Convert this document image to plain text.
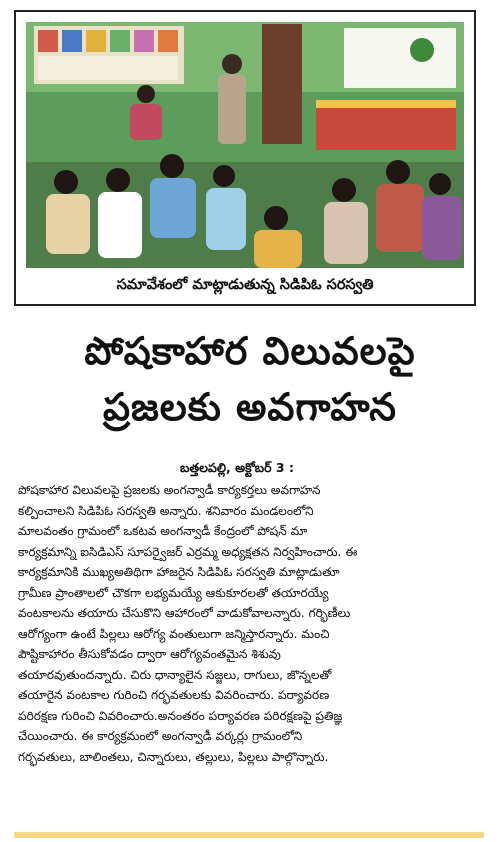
సమావేశంలో మాట్లాడుతున్న సిడిపిఓ సరస్వతి
పోషకాహార విలువలపై
ప్రజలకు అవగాహన
బత్తలపల్లి, అక్టోబర్ 3 :
పోషకాహార విలువలపై ప్రజలకు అంగన్వాడీ కార్యకర్తలు అవగాహన
కల్పించాలని సిడిపిఓ సరస్వతి అన్నారు. శనివారం మండలంలోని
మాలవంతం గ్రామంలో ఒకటవ అంగన్వాడీ కేంద్రంలో పోషన్ మా
కార్యక్రమాన్ని ఐసిడిఎస్ సూపర్వైజర్ ఎర్రమ్మ అధ్యక్షతన నిర్వహించారు. ఈ
కార్యక్రమానికి ముఖ్యఅతిథిగా హాజరైన సిడిపిఓ సరస్వతి మాట్లాడుతూ
గ్రామీణ ప్రాంతాలలో చౌకగా లభ్యమయ్యే ఆకుకూరలతో తయారయ్యే
వంటకాలను తయారు చేసుకొని ఆహారంలో వాడుకోవాలన్నారు. గర్భిణీలు
ఆరోగ్యంగా ఉంటే పిల్లలు ఆరోగ్య వంతులుగా జన్మిస్తారన్నారు. మంచి
పౌష్టికాహారం తీసుకోవడం ద్వారా ఆరోగ్యవంతమైన శిశువు
తయారవుతుందన్నారు. చిరు ధాన్యాలైన సజ్జలు, రాగులు, జొన్నలతో
తయారైన వంటకాల గురించి గర్భవతులకు వివరించారు. పర్యావరణ
పరిరక్షణ గురించి వివరించారు.అనంతరం పర్యావరణ పరిరక్షణపై ప్రతిజ్ఞ
చేయించారు. ఈ కార్యక్రమంలో అంగన్వాడీ వర్కర్లు గ్రామంలోని
గర్భవతులు, బాలింతలు, చిన్నారులు, తల్లులు, పిల్లలు పాల్గొన్నారు.
